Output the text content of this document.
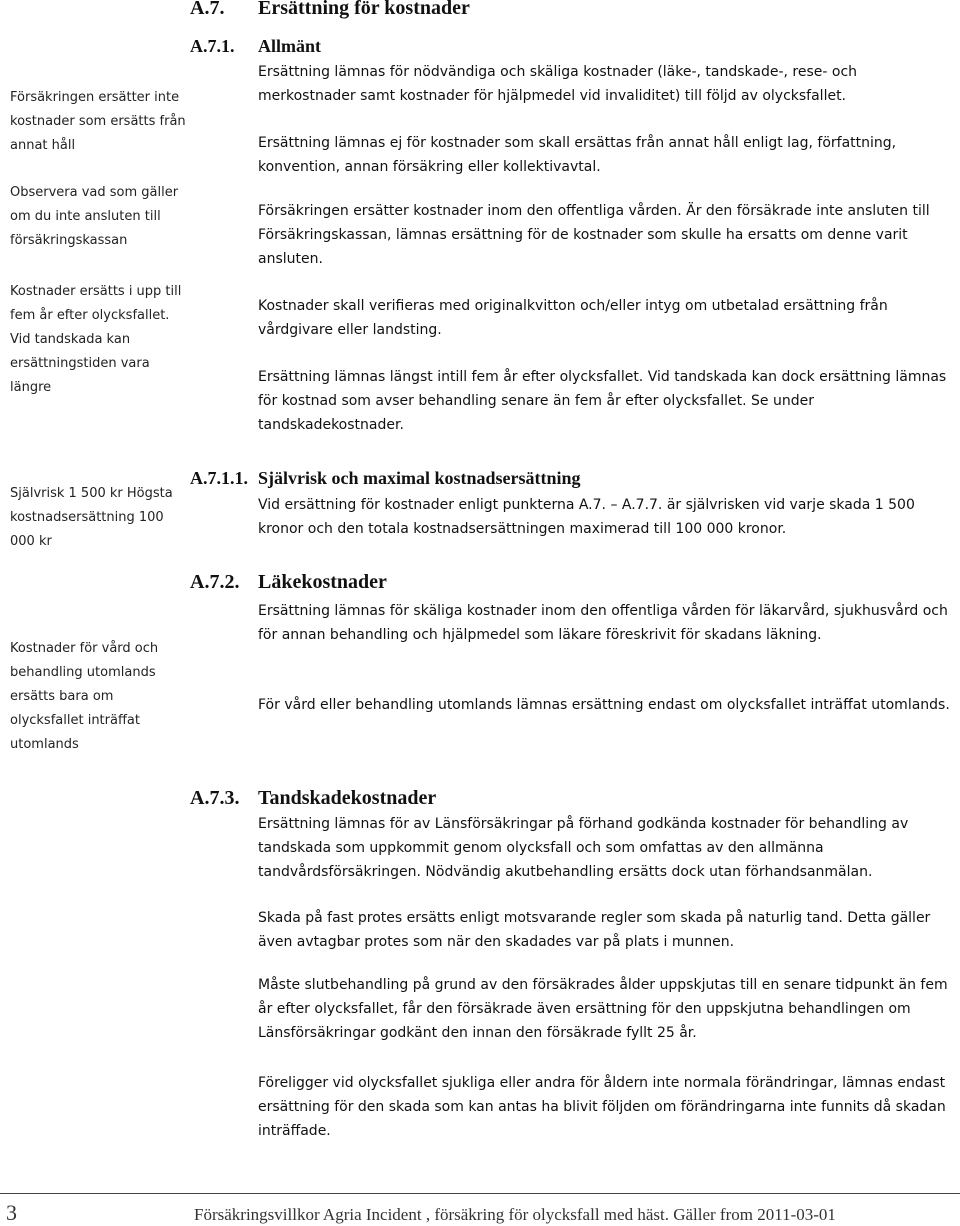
A.7. Ersättning för kostnader
A.7.1. Allmänt

Ersättning lämnas för nödvändiga och skäliga kostnader (läke-, tandskade-, rese- och merkostnader samt kostnader för hjälpmedel vid invaliditet) till följd av olycksfallet.

Ersättning lämnas ej för kostnader som skall ersättas från annat håll enligt lag, författning, konvention, annan försäkring eller kollektivavtal.

Försäkringen ersätter kostnader inom den offentliga vården. Är den försäkrade inte ansluten till Försäkringskassan, lämnas ersättning för de kostnader som skulle ha ersatts om denne varit ansluten.

Kostnader skall verifieras med originalkvitton och/eller intyg om utbetalad ersättning från vårdgivare eller landsting.

Ersättning lämnas längst intill fem år efter olycksfallet. Vid tandskada kan dock ersättning lämnas för kostnad som avser behandling senare än fem år efter olycksfallet. Se under tandskadekostnader.

A.7.1.1. Självrisk och maximal kostnadsersättning

Vid ersättning för kostnader enligt punkterna A.7. – A.7.7. är självrisken vid varje skada 1 500 kronor och den totala kostnadsersättningen maximerad till 100 000 kronor.

A.7.2. Läkekostnader

Ersättning lämnas för skäliga kostnader inom den offentliga vården för läkarvård, sjukhusvård och för annan behandling och hjälpmedel som läkare föreskrivit för skadans läkning.

För vård eller behandling utomlands lämnas ersättning endast om olycksfallet inträffat utomlands.

A.7.3. Tandskadekostnader

Ersättning lämnas för av Länsförsäkringar på förhand godkända kostnader för behandling av tandskada som uppkommit genom olycksfall och som omfattas av den allmänna tandvårdsförsäkringen. Nödvändig akutbehandling ersätts dock utan förhandsanmälan.

Skada på fast protes ersätts enligt motsvarande regler som skada på naturlig tand. Detta gäller även avtagbar protes som när den skadades var på plats i munnen.

Måste slutbehandling på grund av den försäkrades ålder uppskjutas till en senare tidpunkt än fem år efter olycksfallet, får den försäkrade även ersättning för den uppskjutna behandlingen om Länsförsäkringar godkänt den innan den försäkrade fyllt 25 år.

Föreligger vid olycksfallet sjukliga eller andra för åldern inte normala förändringar, lämnas endast ersättning för den skada som kan antas ha blivit följden om förändringarna inte funnits då skadan inträffade.

Försäkringen ersätter inte kostnader som ersätts från annat håll

Observera vad som gäller om du inte ansluten till försäkringskassan

Kostnader ersätts i upp till fem år efter olycksfallet. Vid tandskada kan ersättningstiden vara längre

Självrisk 1 500 kr Högsta kostnadsersättning 100 000 kr

Kostnader för vård och behandling utomlands ersätts bara om olycksfallet inträffat utomlands

3	Försäkringsvillkor Agria Incident , försäkring för olycksfall med häst. Gäller from 2011-03-01
